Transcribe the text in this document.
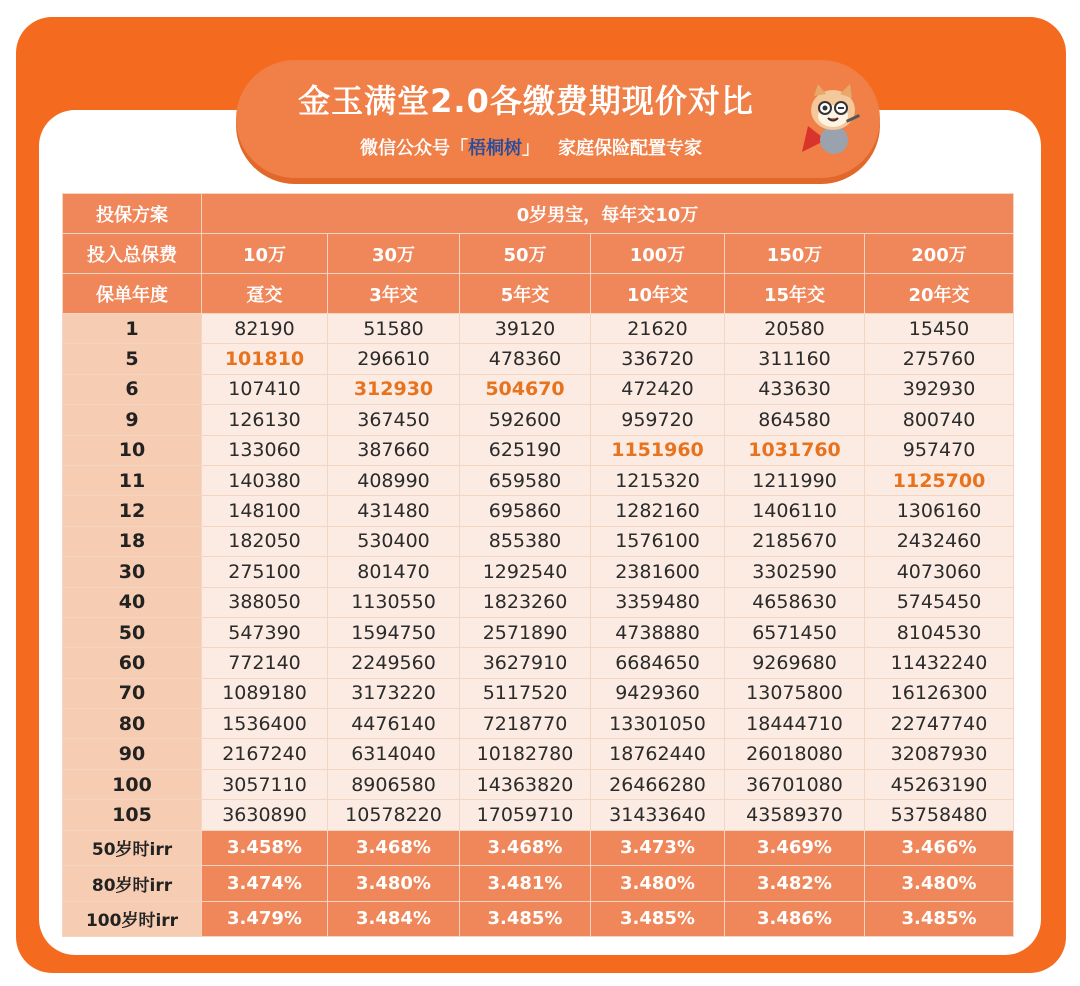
金玉满堂2.0各缴费期现价对比
微信公众号「梧桐树」 家庭保险配置专家
投保方案	0岁男宝，每年交10万					
投入总保费	10万	30万	50万	100万	150万	200万
保单年度	趸交	3年交	5年交	10年交	15年交	20年交
1	82190	51580	39120	21620	20580	15450
5	101810	296610	478360	336720	311160	275760
6	107410	312930	504670	472420	433630	392930
9	126130	367450	592600	959720	864580	800740
10	133060	387660	625190	1151960	1031760	957470
11	140380	408990	659580	1215320	1211990	1125700
12	148100	431480	695860	1282160	1406110	1306160
18	182050	530400	855380	1576100	2185670	2432460
30	275100	801470	1292540	2381600	3302590	4073060
40	388050	1130550	1823260	3359480	4658630	5745450
50	547390	1594750	2571890	4738880	6571450	8104530
60	772140	2249560	3627910	6684650	9269680	11432240
70	1089180	3173220	5117520	9429360	13075800	16126300
80	1536400	4476140	7218770	13301050	18444710	22747740
90	2167240	6314040	10182780	18762440	26018080	32087930
100	3057110	8906580	14363820	26466280	36701080	45263190
105	3630890	10578220	17059710	31433640	43589370	53758480
50岁时irr	3.458%	3.468%	3.468%	3.473%	3.469%	3.466%
80岁时irr	3.474%	3.480%	3.481%	3.480%	3.482%	3.480%
100岁时irr	3.479%	3.484%	3.485%	3.485%	3.486%	3.485%
